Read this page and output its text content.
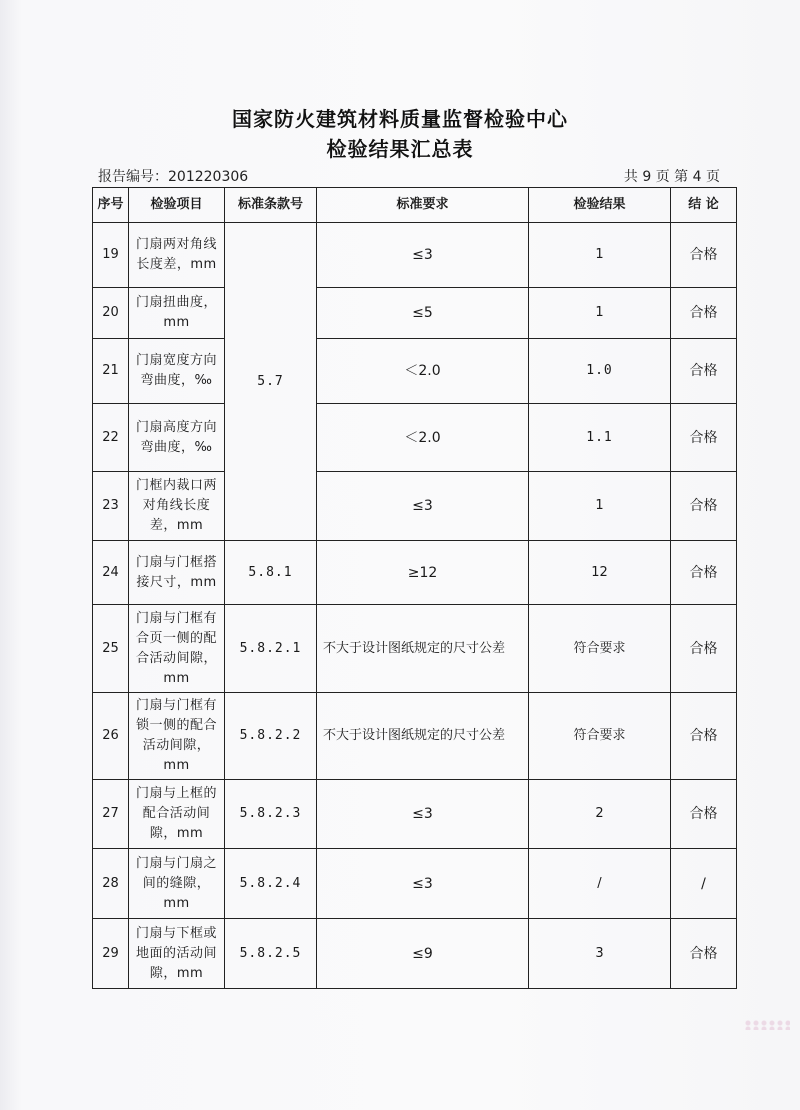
国家防火建筑材料质量监督检验中心
检验结果汇总表
报告编号：201220306	共 9 页 第 4 页
序号	检验项目	标准条款号	标准要求	检验结果	结 论
19	门扇两对角线长度差，mm	5.7	≤3	1	合格
20	门扇扭曲度，mm		≤5	1	合格
21	门扇宽度方向弯曲度，‰		＜2.0	1.0	合格
22	门扇高度方向弯曲度，‰		＜2.0	1.1	合格
23	门框内裁口两对角线长度差，mm		≤3	1	合格
24	门扇与门框搭接尺寸，mm	5.8.1	≥12	12	合格
25	门扇与门框有合页一侧的配合活动间隙，mm	5.8.2.1	不大于设计图纸规定的尺寸公差	符合要求	合格
26	门扇与门框有锁一侧的配合活动间隙，mm	5.8.2.2	不大于设计图纸规定的尺寸公差	符合要求	合格
27	门扇与上框的配合活动间隙，mm	5.8.2.3	≤3	2	合格
28	门扇与门扇之间的缝隙，mm	5.8.2.4	≤3	/	/
29	门扇与下框或地面的活动间隙，mm	5.8.2.5	≤9	3	合格
